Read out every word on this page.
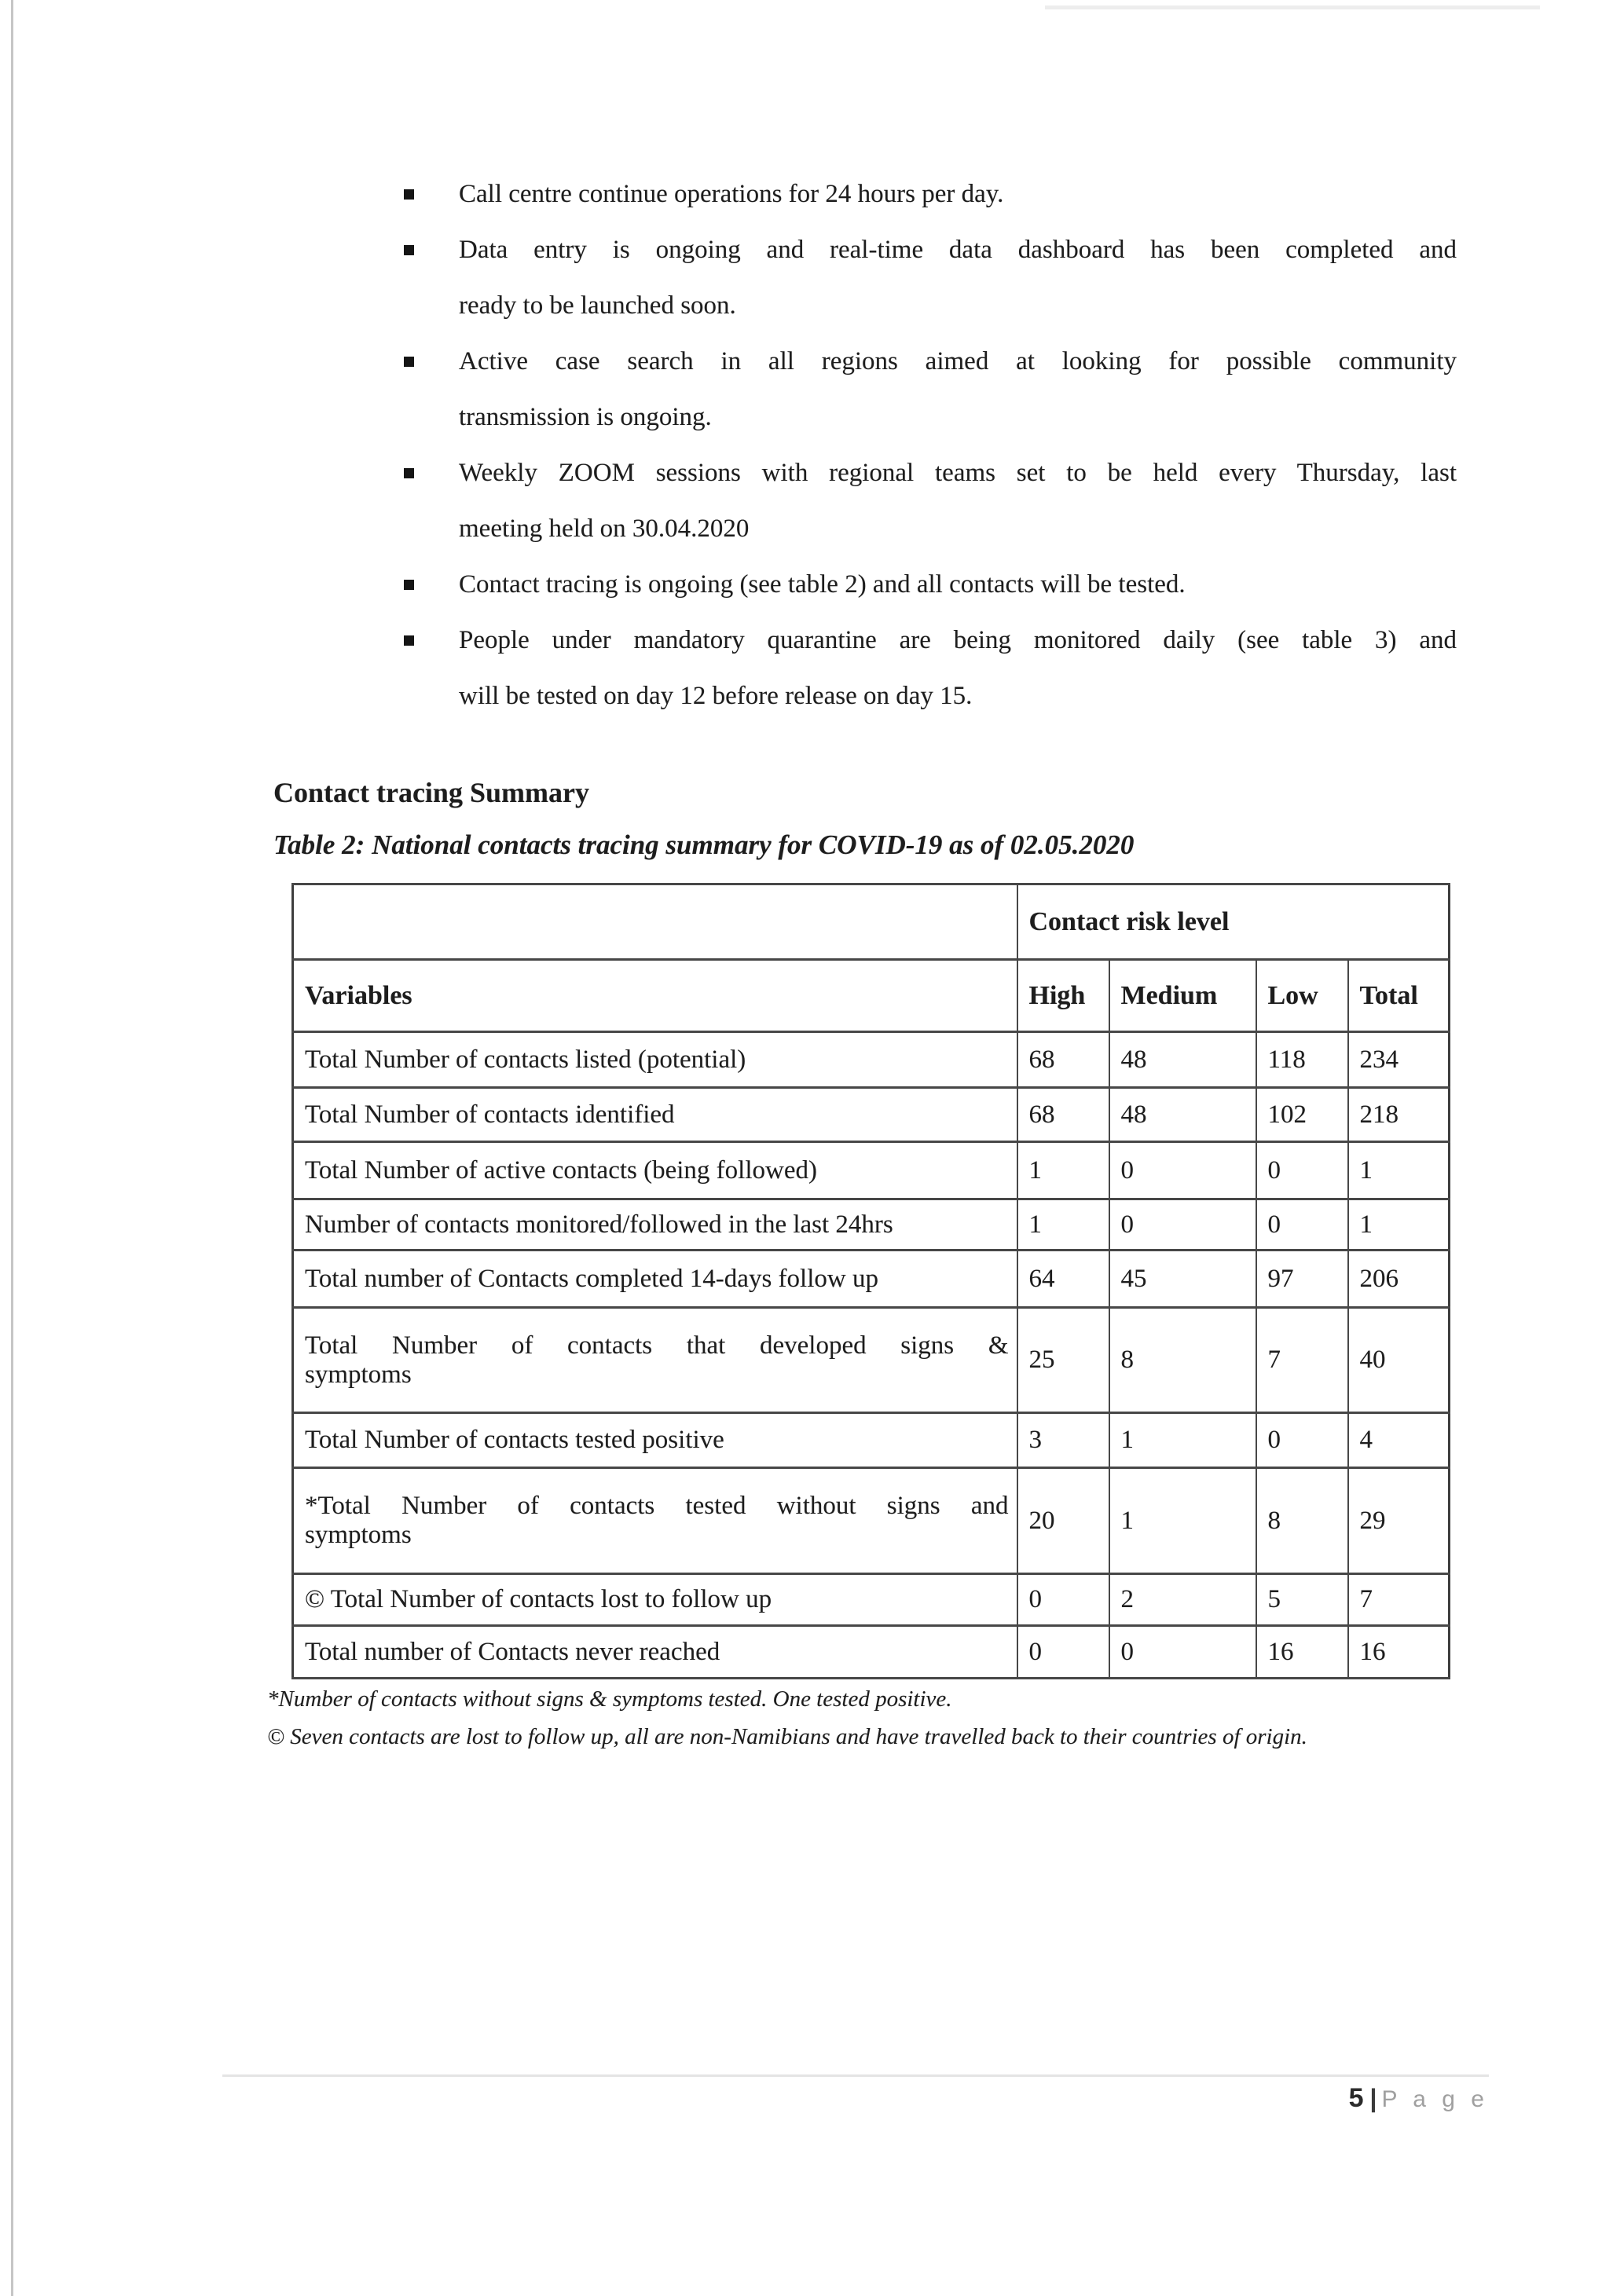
Call centre continue operations for 24 hours per day.
Data entry is ongoing and real-time data dashboard has been completed and
ready to be launched soon.
Active case search in all regions aimed at looking for possible community
transmission is ongoing.
Weekly ZOOM sessions with regional teams set to be held every Thursday, last
meeting held on 30.04.2020
Contact tracing is ongoing (see table 2) and all contacts will be tested.
People under mandatory quarantine are being monitored daily (see table 3) and
will be tested on day 12 before release on day 15.
Contact tracing Summary
Table 2: National contacts tracing summary for COVID-19 as of 02.05.2020
	Contact risk level			
Variables	High	Medium	Low	Total

Total Number of contacts listed (potential)	68	48	118	234

Total Number of contacts identified	68	48	102	218

Total Number of active contacts (being followed)	1	0	0	1

Number of contacts monitored/followed in the last 24hrs	1	0	0	1

Total number of Contacts completed 14-days follow up	64	45	97	206

Total Number of contacts that developed signs &
symptoms	25	8	7	40

Total Number of contacts tested positive	3	1	0	4

*Total Number of contacts tested without signs and
symptoms	20	1	8	29

© Total Number of contacts lost to follow up	0	2	5	7

Total number of Contacts never reached	0	0	16	16
*Number of contacts without signs & symptoms tested. One tested positive.
© Seven contacts are lost to follow up, all are non-Namibians and have travelled back to their countries of origin.
5 | P a g e
